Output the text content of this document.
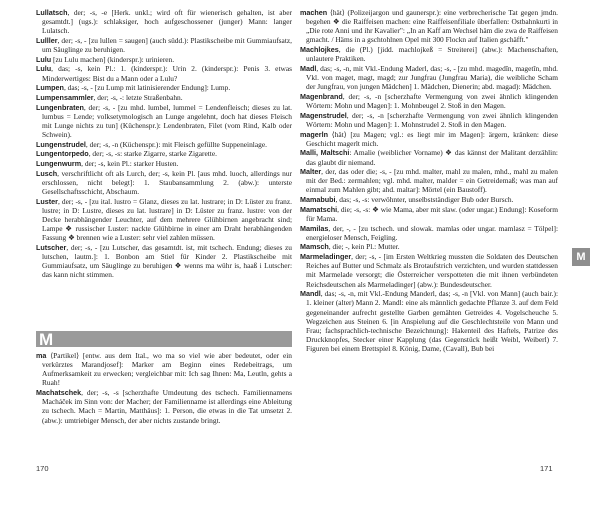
Lullatsch, der; -s, -e [Herk. unkl.; wird oft für wienerisch gehalten, ist aber gesamtdt.] (ugs.): schlaksiger, hoch aufgeschossener (junger) Mann: langer Lulatsch.

Lulller, der; -s, - [zu lullen = saugen] (auch südd.): Plastikscheibe mit Gummiaufsatz, um Säuglinge zu beruhigen.

Lulu [zu Lulu machen] (kinderspr.): urinieren.

Lulu, das; -s, kein Pl.: 1. (kinderspr.): Urin 2. (kinderspr.): Penis 3. etwas Minderwertiges: Bist du a Mann oder a Lulu?

Lumpen, das; -s, - [zu Lump mit latinisierender Endung]: Lump.

Lumpensammler, der; -s, -: letzte Straßenbahn.

Lungenbraten, der; -s, - [zu mhd. lumbel, lummel = Lendenfleisch; dieses zu lat. lumbus = Lende; volksetymologisch an Lunge angelehnt, doch hat dieses Fleisch mit Lunge nichts zu tun] (Küchenspr.): Lendenbraten, Filet (vom Rind, Kalb oder Schwein).

Lungenstrudel, der; -s, -n (Küchenspr.): mit Fleisch gefüllte Suppeneinlage.

Lungentorpedo, der; -s, -s: starke Zigarre, starke Zigarette.

Lungenwurm, der; -s, kein Pl.: starker Husten.

Lusch, verschriftlicht oft als Lurch, der; -s, kein Pl. [aus mhd. luoch, allerdings nur erschlossen, nicht belegt]: 1. Staubansammlung 2. (abw.): unterste Gesellschaftsschicht, Abschaum.

Luster, der; -s, - [zu ital. lustro = Glanz, dieses zu lat. lustrare; in D: Lüster zu franz. lustre; in D: Lustre, dieses zu lat. lustrare] in D: Lüster zu franz. lustre: von der Decke herabhängender Leuchter, auf dem mehrere Glühbirnen angebracht sind; Lampe ❖ russischer Luster: nackte Glühbirne in einer am Draht herabhängenden Fassung ❖ brennen wie a Luster: sehr viel zahlen müssen.

Lutscher, der; -s, - [zu Lutscher, das gesamtdt. ist, mit tschech. Endung; dieses zu lutschen, lautm.]: 1. Bonbon am Stiel für Kinder 2. Plastikscheibe mit Gummiaufsatz, um Säuglinge zu beruhigen ❖ wenns ma wühr is, haaß i Lutscher: das kann nicht stimmen.

M

ma ⟨Partikel⟩ [entw. aus dem Ital., wo ma so viel wie aber bedeutet, oder ein verkürztes Marandjosef]: Marker am Beginn eines Redebeitrags, um Aufmerksamkeit zu erwecken; vergleichbar mit: Ich sag Ihnen: Ma, Leutln, gehts a Ruah!

Machatschek, der; -s, -s [scherzhafte Umdeutung des tschech. Familiennamens Macháček im Sinn von: der Macher; der Familienname ist allerdings eine Ableitung zu tschech. Mach = Martin, Matthäus]: 1. Person, die etwas in die Tat umsetzt 2. (abw.): umtriebiger Mensch, der aber nichts zustande bringt.

machen ⟨hät⟩ (Polizeijargon und gaunerspr.): eine verbrecherische Tat gegen jmdn. begehen ❖ die Raiffeisen machen: eine Raiffeisenfiliale überfallen: Ostbahnkurti in „Die rote Anni und ihr Kavalier": „In an Kaff am Wechsel häm die zwa de Raiffeisen gmacht. / Häms in a gschtohlnen Opel mit 300 Flockn auf Italien gschäfft."

Machlojkes, die (Pl.) [jidd. machlojkeß = Streiterei] (abw.): Machenschaften, unlautere Praktiken.

Madl, das; -s, -n, mit Vkl.-Endung Maderl, das; -s, - [zu mhd. magedîn, magetîn, mhd. Vkl. von maget, magt, magd; zur Jungfrau (Jungfrau Maria), die weibliche Scham der Jungfrau, von jungen Mädchen] 1. Mädchen, Dienerin; abd. magad): Mädchen.

Magenbrand, der; -s, -n [scherzhafte Vermengung von zwei ähnlich klingenden Wörtern: Mohn und Magen]: 1. Mohnbeugel 2. Stoß in den Magen.

Magenstrudel, der; -s, -n [scherzhafte Vermengung von zwei ähnlich klingenden Wörtern: Mohn und Magen]: 1. Mohnstrudel 2. Stoß in den Magen.

magerln ⟨hät⟩ [zu Magen; vgl.: es liegt mir im Magen]: ärgern, kränken: diese Geschicht magerlt mich.

Malli, Maltschi: Amalie (weiblicher Vorname) ❖ das kännst der Malitant derzählin: das glaubt dir niemand.

Malter, der, das oder die; -s, - [zu mhd. malter, mahl zu malen, mhd., mahl zu malen mit der Bed.: zermahlen; vgl. mhd. malter, malder = ein Getreidemaß; was man auf einmal zum Mahlen gibt; ahd. maltar]: Mörtel (ein Baustoff).

Mamabubi, das; -s, -s: verwöhnter, unselbstständiger Bub oder Bursch.

Mamatschi, die; -s, -s: ❖ wie Mama, aber mit slaw. (oder ungar.) Endung]: Koseform für Mama.

Mamilas, der, -, - [zu tschech. und slowak. mamlas oder ungar. mamlasz = Tölpel]: energieloser Mensch, Feigling.

Mamsch, die; -, kein Pl.: Mutter.

Marmeladinger, der; -s, - [im Ersten Weltkrieg mussten die Soldaten des Deutschen Reiches auf Butter und Schmalz als Brotaufstrich verzichten, und wurden stattdessen mit Marmelade versorgt; die Österreicher verspotteten die mit ihnen verbündeten Reichsdeutschen als Marmeladinger] (abw.): Bundesdeutscher.

Mandl, das; -s, -n, mit Vkl.-Endung Manderl, das; -s, -n [Vkl. von Mann] (auch bair.): 1. kleiner (alter) Mann 2. Mandl: eine als männlich gedachte Pflanze 3. auf dem Feld gegeneinander aufrecht gestellte Garben gemähten Getreides 4. Vogelscheuche 5. Wegzeichen aus Steinen 6. [in Anspielung auf die Geschlechtsteile von Mann und Frau; fachsprachlich-technische Bezeichnung]: Hakenteil des Haftels, Patrize des Druckknopfes, Stecker einer Kapplung (das Gegenstück heißt Weibl, Weiberl) 7. Figuren bei einem Brettspiel 8. König, Dame, (Cavall), Bub bei

M
170	171
